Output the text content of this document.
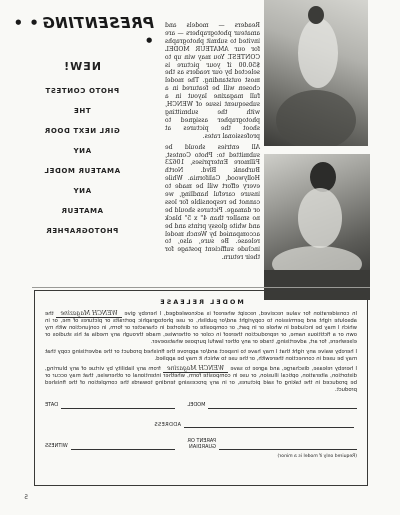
Readers — models and amateur photographers — are invited to submit photographs for our AMATEUR MODEL CONTEST. You may win up to $50.00 if your picture is selected by our readers as the most outstanding. The model chosen will be featured in a full magazine layout in a subsequent issue of WENCH, with the submitting photographer assigned to shoot the pictures at professional rates.

All entries should be submitted to: Photo Contest, Fillmore Enterprises, 10623 Burbank Blvd. North Hollywood, California. While every effort will be made to insure careful handling, we cannot be responsible for loss or damage. Pictures should be no smaller than 4" x 5" black and white glossy prints and be accompanied by Wench model release. Be sure, also, to include sufficient postage for their return.

PRESENTING• • •
NEW!
PHOTO CONTEST
THE
GIRL NEXT DOOR
ANY
AMATEUR MODEL
ANY
AMATEUR
PHOTOGRAPHER
MODEL RELEASE

In consideration for value received, receipt whereof is acknowledged, I hereby give WENCH Magazine the absolute right and permission to copyright and/or publish, or use photographic portraits or pictures of me, or in which I may be included in whole or in part, or composite or distorted in character or form, in conjunction with my own or a fictitious name, or reproduction thereof in color or otherwise, made through any media at his studios or elsewhere, for art, advertising, trade or any other lawful purpose whatsoever.

I hereby waive any right that I may have to inspect and/or approve the finished product or the advertising copy that may be used in connection therewith, or the use to which it may be applied.

I hereby release, discharge, and agree to save WENCH Magazine from any liability by virtue of any blurring, distortion, alteration, optical illusion, or use in composite form, whether intentional or otherwise, that may occur or be produced in the taking of said pictures, or in any processing tending towards the completion of the finished product.

MODEL
DATE
ADDRESS
PARENT OR
GUARDIAN
WITNESS
(Required only if model is a minor)
5
